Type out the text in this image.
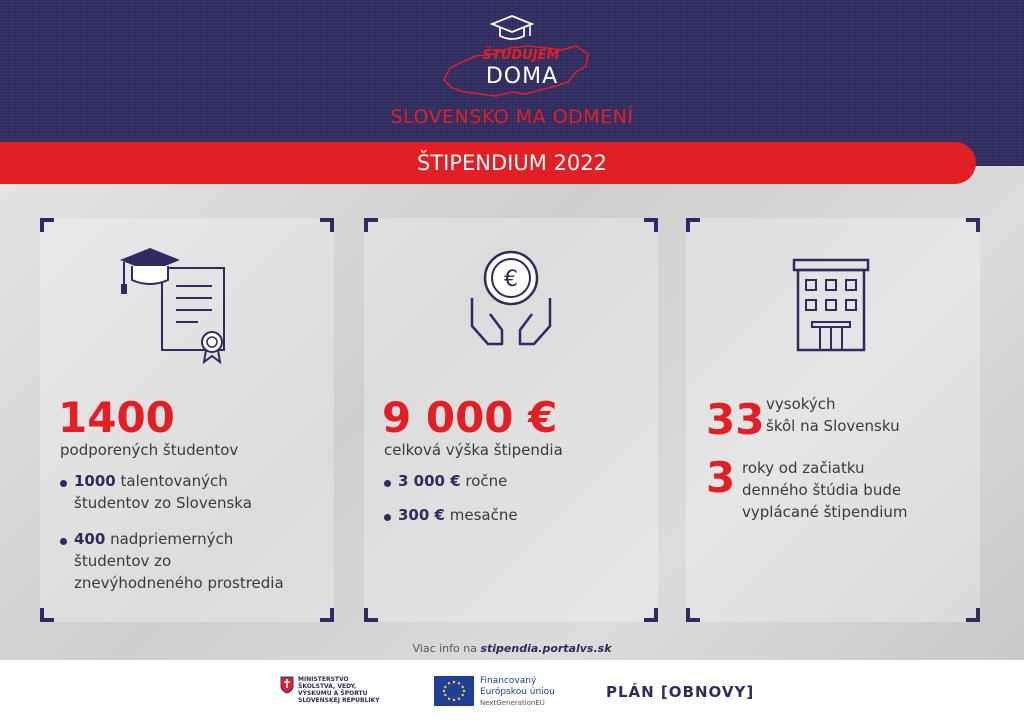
ŠTUDUJEM
DOMA
SLOVENSKO MA ODMENÍ
ŠTIPENDIUM 2022
1400
podporených študentov
1000 talentovaných
študentov zo Slovenska
400 nadpriemerných
študentov zo
znevýhodneného prostredia
€
9 000 €
celková výška štipendia
3 000 € ročne
300 € mesačne
33 vysokých
škôl na Slovensku
3 roky od začiatku
denného štúdia bude
vyplácané štipendium
Viac info na stipendia.portalvs.sk
MINISTERSTVO
ŠKOLSTVA, VEDY,
VÝSKUMU A ŠPORTU
SLOVENSKEJ REPUBLIKY
Financovaný
Európskou úniou
NextGenerationEU
PLÁN [OBNOVY]
